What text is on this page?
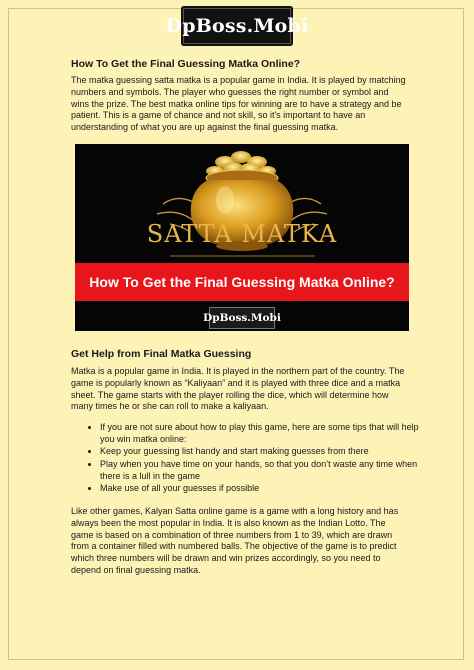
DpBoss.Mobi
How To Get the Final Guessing Matka Online?

The matka guessing satta matka is a popular game in India. It is played by matching numbers and symbols. The player who guesses the right number or symbol and wins the prize. The best matka online tips for winning are to have a strategy and be patient. This is a game of chance and not skill, so it's important to have an understanding of what you are up against the final guessing matka.

SATTA MATKA
How To Get the Final Guessing Matka Online?
DpBoss.Mobi
Get Help from Final Matka Guessing

Matka is a popular game in India. It is played in the northern part of the country. The game is popularly known as “Kaliyaan” and it is played with three dice and a matka sheet. The game starts with the player rolling the dice, which will determine how many times he or she can roll to make a kaliyaan.

• If you are not sure about how to play this game, here are some tips that will help you win matka online:
• Keep your guessing list handy and start making guesses from there
• Play when you have time on your hands, so that you don’t waste any time when there is a lull in the game
• Make use of all your guesses if possible

Like other games, Kalyan Satta online game is a game with a long history and has always been the most popular in India. It is also known as the Indian Lotto. The game is based on a combination of three numbers from 1 to 39, which are drawn from a container filled with numbered balls. The objective of the game is to predict which three numbers will be drawn and win prizes accordingly, so you need to depend on final guessing matka.
